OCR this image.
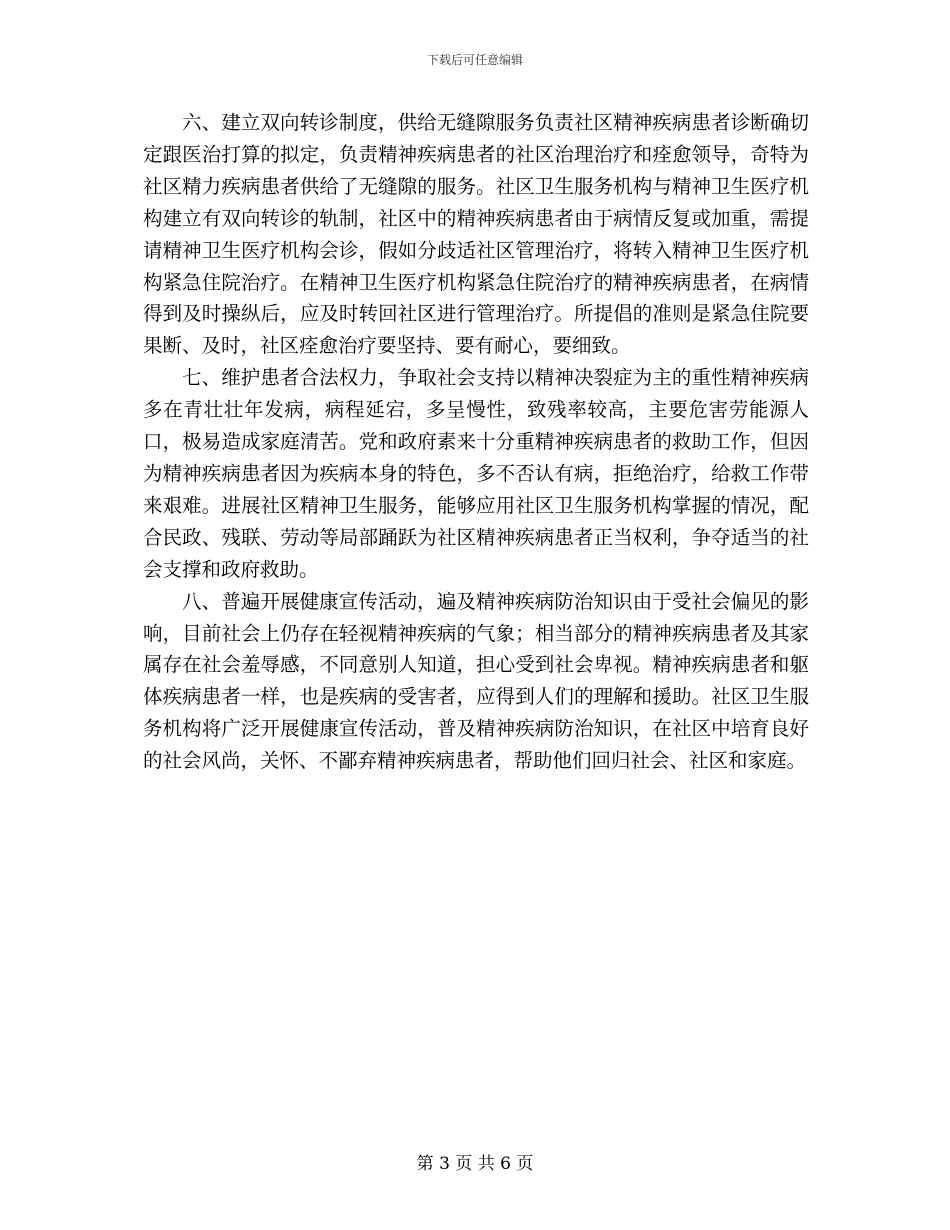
下载后可任意编辑

六、建立双向转诊制度，供给无缝隙服务负责社区精神疾病患者诊断确切定跟医治打算的拟定，负责精神疾病患者的社区治理治疗和痊愈领导，奇特为社区精力疾病患者供给了无缝隙的服务。社区卫生服务机构与精神卫生医疗机构建立有双向转诊的轨制，社区中的精神疾病患者由于病情反复或加重，需提请精神卫生医疗机构会诊，假如分歧适社区管理治疗，将转入精神卫生医疗机构紧急住院治疗。在精神卫生医疗机构紧急住院治疗的精神疾病患者，在病情得到及时操纵后，应及时转回社区进行管理治疗。所提倡的准则是紧急住院要果断、及时，社区痊愈治疗要坚持、要有耐心，要细致。

七、维护患者合法权力，争取社会支持以精神决裂症为主的重性精神疾病多在青壮壮年发病，病程延宕，多呈慢性，致残率较高，主要危害劳能源人口，极易造成家庭清苦。党和政府素来十分重精神疾病患者的救助工作，但因为精神疾病患者因为疾病本身的特色，多不否认有病，拒绝治疗，给救工作带来艰难。进展社区精神卫生服务，能够应用社区卫生服务机构掌握的情况，配合民政、残联、劳动等局部踊跃为社区精神疾病患者正当权利，争夺适当的社会支撑和政府救助。

八、普遍开展健康宣传活动，遍及精神疾病防治知识由于受社会偏见的影响，目前社会上仍存在轻视精神疾病的气象；相当部分的精神疾病患者及其家属存在社会羞辱感，不同意别人知道，担心受到社会卑视。精神疾病患者和躯体疾病患者一样，也是疾病的受害者，应得到人们的理解和援助。社区卫生服务机构将广泛开展健康宣传活动，普及精神疾病防治知识，在社区中培育良好的社会风尚，关怀、不鄙弃精神疾病患者，帮助他们回归社会、社区和家庭。

第 3 页 共 6 页
